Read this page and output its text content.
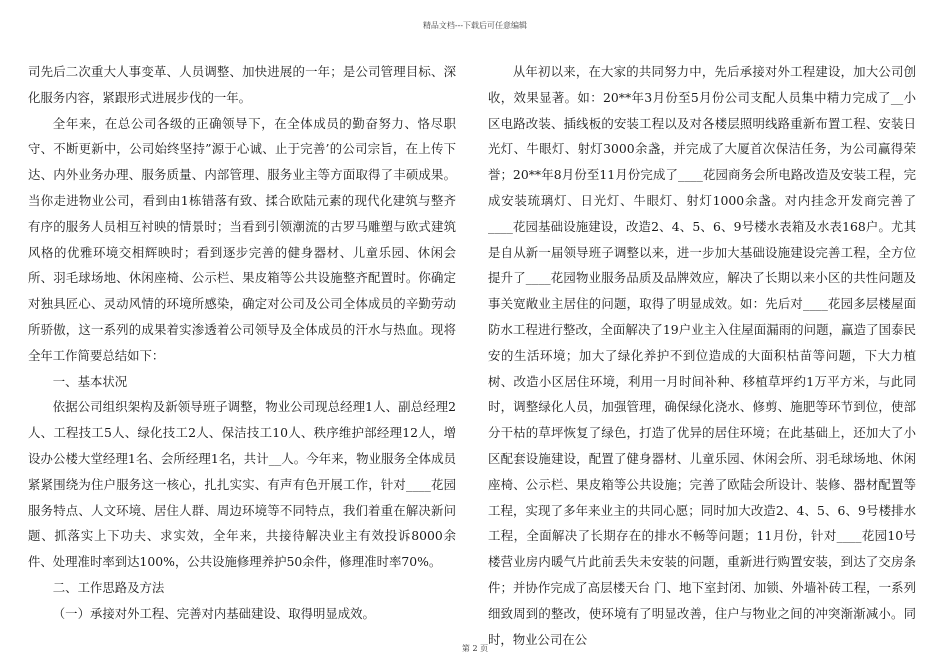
精品文档---下载后可任意编辑

司先后二次重大人事变革、人员调整、加快进展的一年；是公司管理目标、深化服务内容，紧跟形式进展步伐的一年。

全年来，在总公司各级的正确领导下，在全体成员的勤奋努力、恪尽职守、不断更新中，公司始终坚持”源于心诚、止于完善’的公司宗旨，在上传下达、内外业务办理、服务质量、内部管理、服务业主等方面取得了丰硕成果。当你走进物业公司，看到由1栋错落有致、揉合欧陆元素的现代化建筑与整齐有序的服务人员相互衬映的情景时；当看到引领潮流的古罗马雕塑与欧式建筑风格的优雅环境交相辉映时；看到逐步完善的健身器材、儿童乐园、休闲会所、羽毛球场地、休闲座椅、公示栏、果皮箱等公共设施整齐配置时。你确定对独具匠心、灵动风情的环境所感染，确定对公司及公司全体成员的辛勤劳动所骄傲，这一系列的成果着实渗透着公司领导及全体成员的汗水与热血。现将全年工作简要总结如下：

一、基本状况

依据公司组织架构及新领导班子调整，物业公司现总经理1人、副总经理2人、工程技工5人、绿化技工2人、保洁技工10人、秩序维护部经理12人，增设办公楼大堂经理1名、会所经理1名，共计__人。今年来，物业服务全体成员紧紧围绕为住户服务这一核心，扎扎实实、有声有色开展工作，针对____花园服务特点、人文环境、居住人群、周边环境等不同特点，我们着重在解决新问题、抓落实上下功夫、求实效，全年来，共接待解决业主有效投诉8000余件、处理准时率到达100%，公共设施修理养护50余件，修理准时率70%。

二、工作思路及方法

（一）承接对外工程、完善对内基础建设、取得明显成效。

从年初以来，在大家的共同努力中，先后承接对外工程建设，加大公司创收，效果显著。如：20**年3月份至5月份公司支配人员集中精力完成了__小区电路改装、插线板的安装工程以及对各楼层照明线路重新布置工程、安装日光灯、牛眼灯、射灯3000余盏，并完成了大厦首次保洁任务，为公司赢得荣誉；20**年8月份至11月份完成了____花园商务会所电路改造及安装工程，完成安装琉璃灯、日光灯、牛眼灯、射灯1000余盏。对内挂念开发商完善了____花园基础设施建设，改造2、4、5、6、9号楼水表箱及水表168户。尤其是自从新一届领导班子调整以来，进一步加大基础设施建设完善工程，全方位提升了____花园物业服务品质及品牌效应，解决了长期以来小区的共性问题及事关宽敞业主居住的问题，取得了明显成效。如：先后对____花园多层楼屋面防水工程进行整改，全面解决了19户业主入住屋面漏雨的问题，赢造了国泰民安的生活环境；加大了绿化养护不到位造成的大面积枯苗等问题，下大力植树、改造小区居住环境，利用一月时间补种、移植草坪约1万平方米，与此同时，调整绿化人员，加强管理，确保绿化浇水、修剪、施肥等环节到位，使部分干枯的草坪恢复了绿色，打造了优异的居住环境；在此基础上，还加大了小区配套设施建设，配置了健身器材、儿童乐园、休闲会所、羽毛球场地、休闲座椅、公示栏、果皮箱等公共设施；完善了欧陆会所设计、装修、器材配置等工程，实现了多年来业主的共同心愿；同时加大改造2、4、5、6、9号楼排水工程，全面解决了长期存在的排水不畅等问题；11月份，针对____花园10号楼营业房内暖气片此前丢失未安装的问题，重新进行购置安装，到达了交房条件；并协作完成了高层楼天台 门、地下室封闭、加锁、外墙补砖工程，一系列细致周到的整改，使环境有了明显改善，住户与物业之间的冲突渐渐减小。同时，物业公司在公

第 2 页
